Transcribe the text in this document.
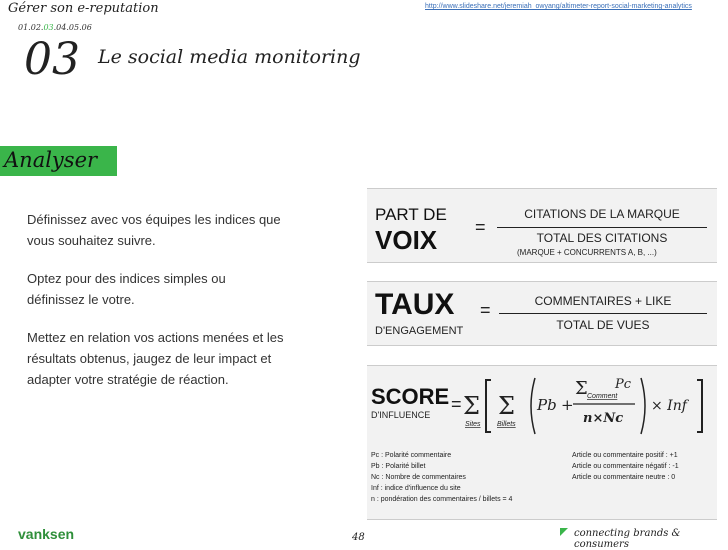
Gérer son e-reputation	http://www.slideshare.net/jeremiah_owyang/altimeter-report-social-marketing-analytics
01.02.03.04.05.06
03 Le social media monitoring
Analyser
Définissez avec vos équipes les indices que vous souhaitez suivre.
Optez pour des indices simples ou définissez le votre.
Mettez en relation vos actions menées et les résultats obtenus, jaugez de leur impact et adapter votre stratégie de réaction.
PART DE
VOIX =
CITATIONS DE LA MARQUE
TOTAL DES CITATIONS
(MARQUE + CONCURRENTS A, B, ...)
TAUX
D'ENGAGEMENT
=	COMMENTAIRES + LIKE
TOTAL DE VUES
SCORE
D'INFLUENCE
= Σ
Sites
Σ
Billets
Pb +
Σ Comment
Pc
n×Nc
× Inf
Pc : Polarité commentaire
Pb : Polarité billet
Nc : Nombre de commentaires
Inf : indice d'influence du site
n : pondération des commentaires / billets = 4
Article ou commentaire positif : +1
Article ou commentaire négatif : -1
Article ou commentaire neutre : 0
vanksen	48	connecting brands & consumers
